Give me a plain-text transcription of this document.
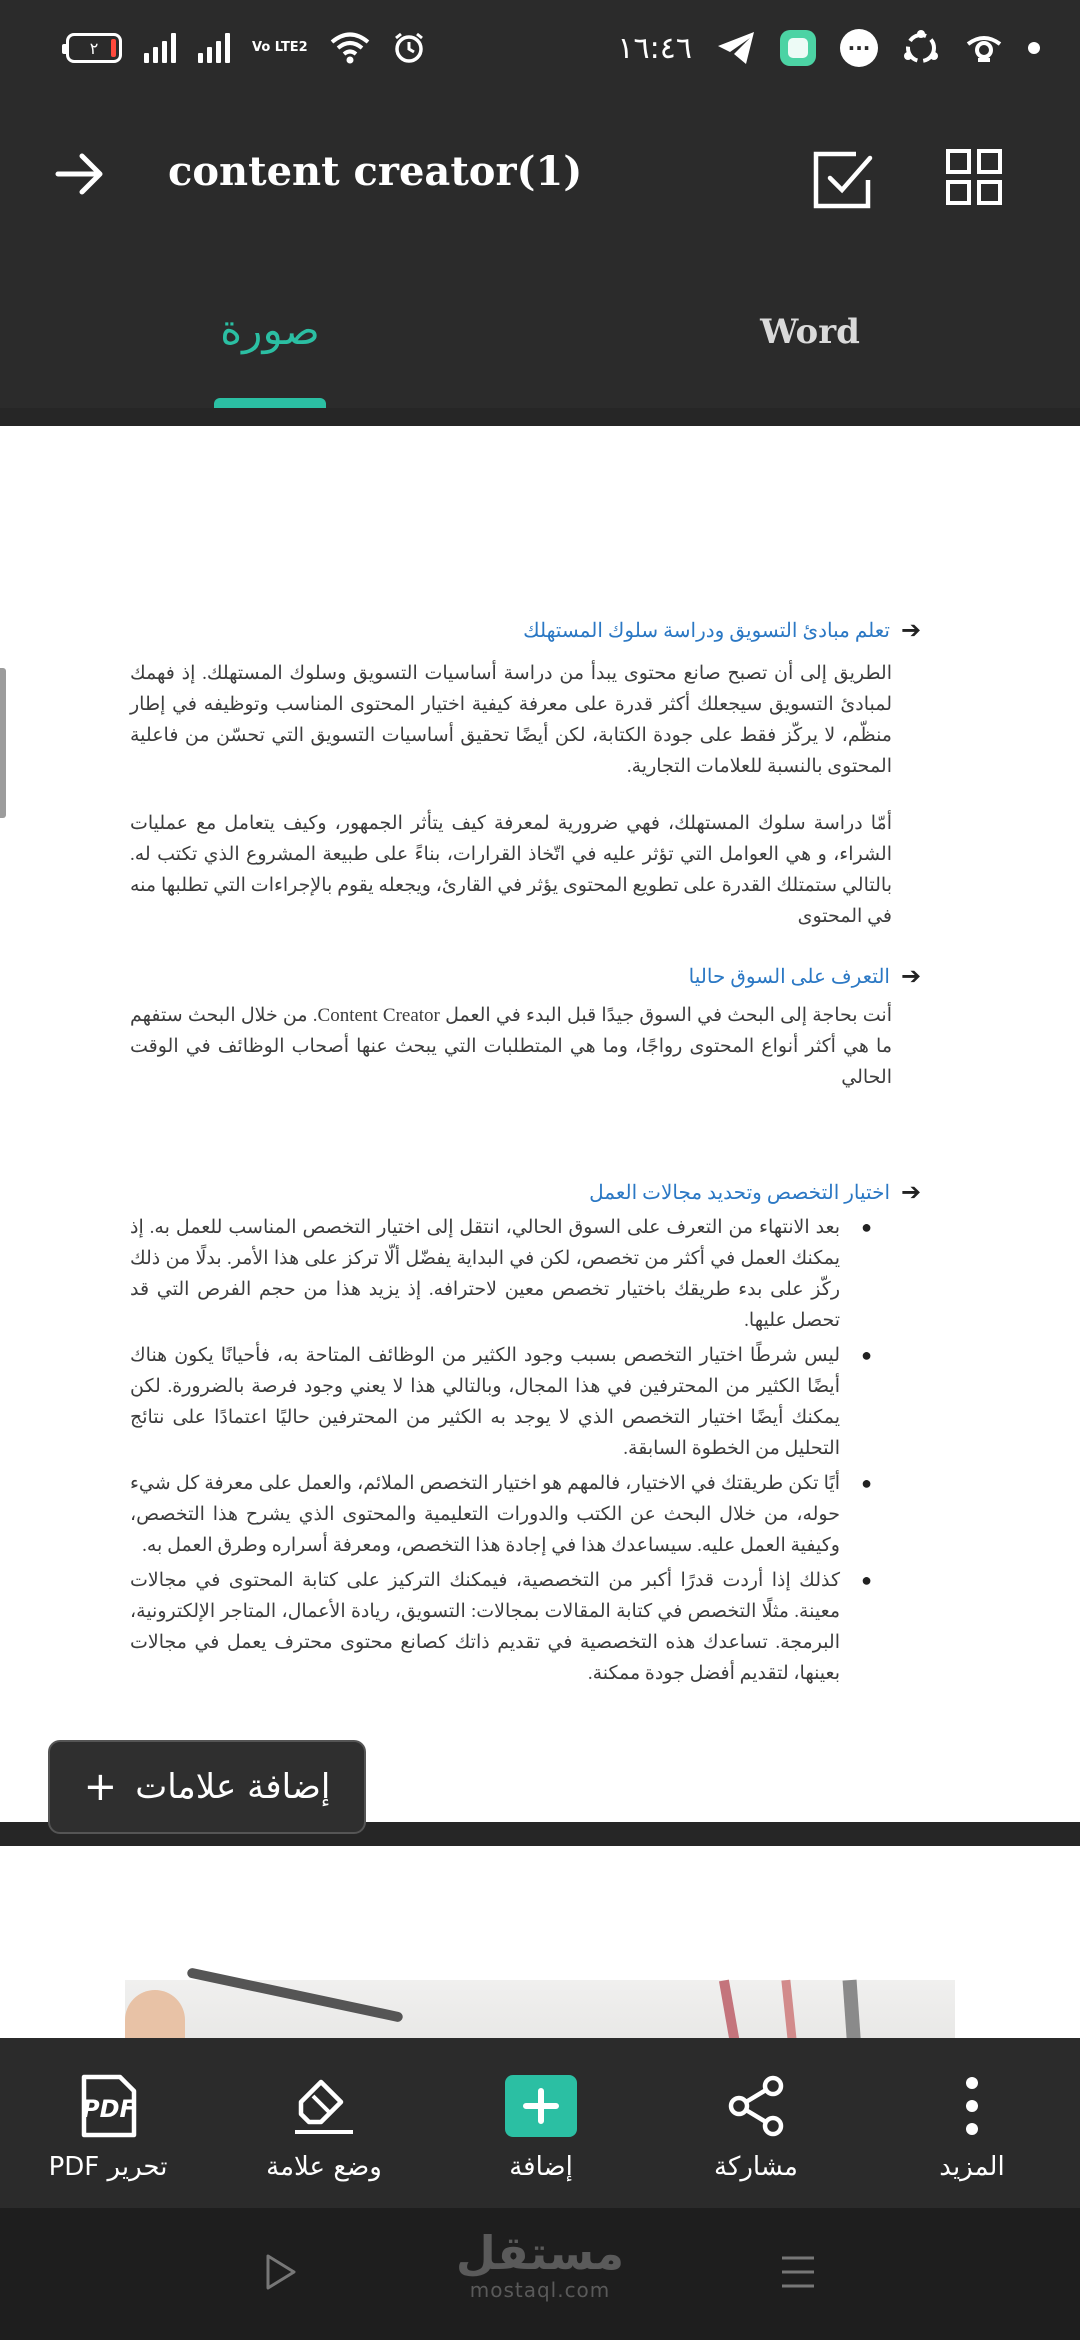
٢	Vo LTE2	١٦:٤٦	···
content creator(1)
صورة	Word
➔
تعلم مبادئ التسويق ودراسة سلوك المستهلك
الطريق إلى أن تصبح صانع محتوى يبدأ من دراسة أساسيات التسويق وسلوك المستهلك. إذ فهمك لمبادئ التسويق سيجعلك أكثر قدرة على معرفة كيفية اختيار المحتوى المناسب وتوظيفه في إطار منظّم، لا يركّز فقط على جودة الكتابة، لكن أيضًا تحقيق أساسيات التسويق التي تحسّن من فاعلية المحتوى بالنسبة للعلامات التجارية.
أمّا دراسة سلوك المستهلك، فهي ضرورية لمعرفة كيف يتأثر الجمهور، وكيف يتعامل مع عمليات الشراء، و هي العوامل التي تؤثر عليه في اتّخاذ القرارات، بناءً على طبيعة المشروع الذي تكتب له. بالتالي ستمتلك القدرة على تطويع المحتوى يؤثر في القارئ، ويجعله يقوم بالإجراءات التي تطلبها منه في المحتوى
➔
التعرف على السوق حاليا
أنت بحاجة إلى البحث في السوق جيدًا قبل البدء في العمل Content Creator. من خلال البحث ستفهم ما هي أكثر أنواع المحتوى رواجًا، وما هي المتطلبات التي يبحث عنها أصحاب الوظائف في الوقت الحالي
➔
اختيار التخصص وتحديد مجالات العمل
●
بعد الانتهاء من التعرف على السوق الحالي، انتقل إلى اختيار التخصص المناسب للعمل به. إذ يمكنك العمل في أكثر من تخصص، لكن في البداية يفضّل ألّا تركز على هذا الأمر. بدلًا من ذلك ركّز على بدء طريقك باختيار تخصص معين لاحترافه. إذ يزيد هذا من حجم الفرص التي قد تحصل عليها.
●
ليس شرطًا اختيار التخصص بسبب وجود الكثير من الوظائف المتاحة به، فأحيانًا يكون هناك أيضًا الكثير من المحترفين في هذا المجال، وبالتالي هذا لا يعني وجود فرصة بالضرورة. لكن يمكنك أيضًا اختيار التخصص الذي لا يوجد به الكثير من المحترفين حاليًا اعتمادًا على نتائج التحليل من الخطوة السابقة.
●
أيًا تكن طريقتك في الاختيار، فالمهم هو اختيار التخصص الملائم، والعمل على معرفة كل شيء حوله، من خلال البحث عن الكتب والدورات التعليمية والمحتوى الذي يشرح هذا التخصص، وكيفية العمل عليه. سيساعدك هذا في إجادة هذا التخصص، ومعرفة أسراره وطرق العمل به.
●
كذلك إذا أردت قدرًا أكبر من التخصصية، فيمكنك التركيز على كتابة المحتوى في مجالات معينة. مثلًا التخصص في كتابة المقالات بمجالات: التسويق، ريادة الأعمال، المتاجر الإلكترونية، البرمجة. تساعدك هذه التخصصية في تقديم ذاتك كصانع محتوى محترف يعمل في مجالات بعينها، لتقديم أفضل جودة ممكنة.
+ إضافة علامات
المزيد
مشاركة
إضافة
وضع علامة
PDF
PDF تحرير
مستقل
mostaql.com
